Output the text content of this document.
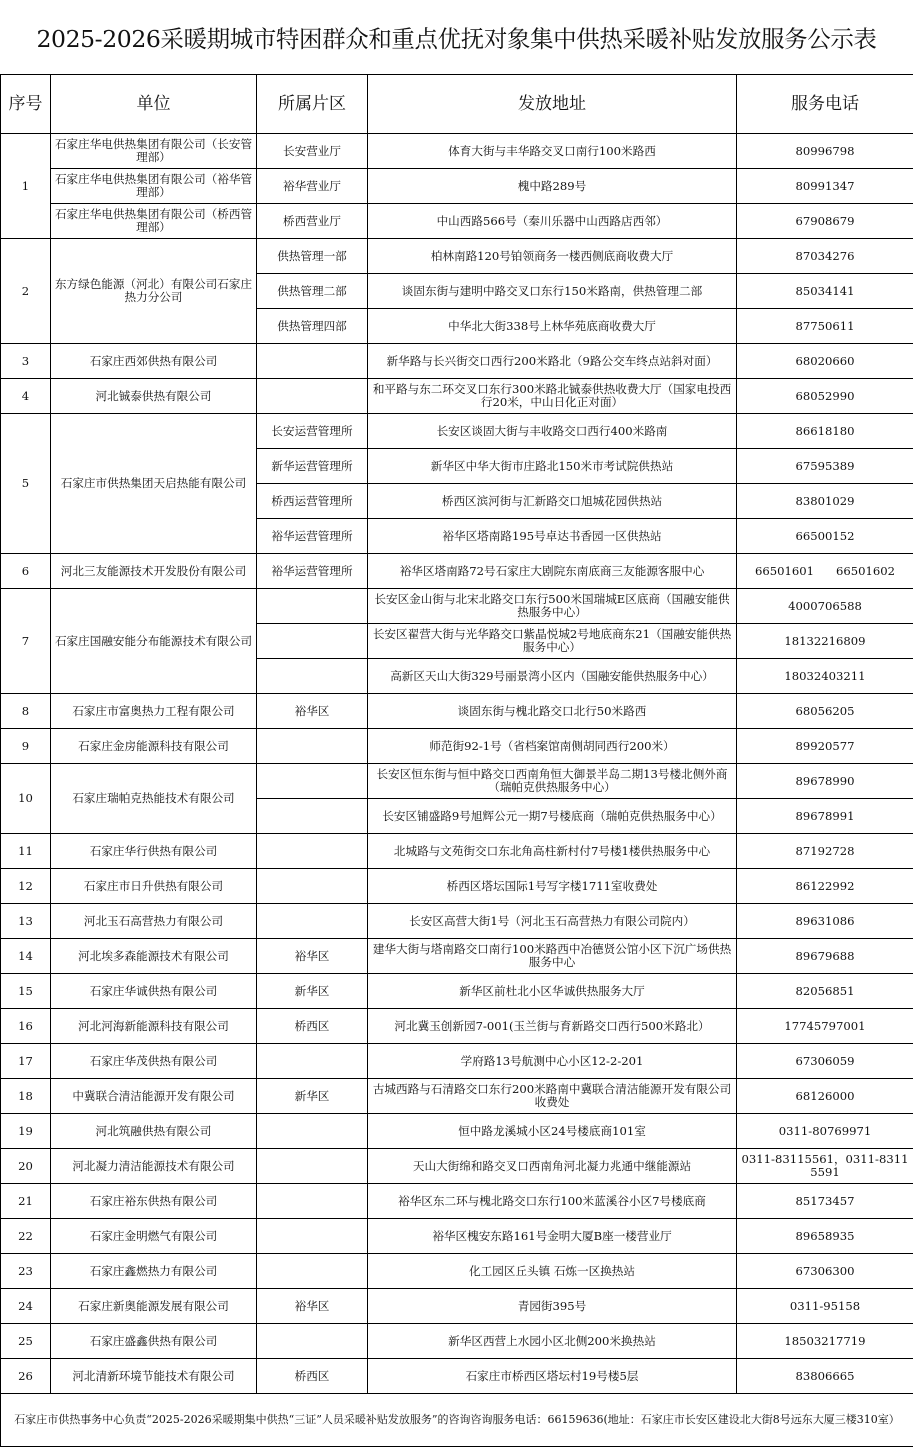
2025-2026采暖期城市特困群众和重点优抚对象集中供热采暖补贴发放服务公示表
序号	单位	所属片区	发放地址	服务电话
1	石家庄华电供热集团有限公司（长安管理部）	长安营业厅	体育大街与丰华路交叉口南行100米路西	80996798
	石家庄华电供热集团有限公司（裕华管理部）	裕华营业厅	槐中路289号	80991347
	石家庄华电供热集团有限公司（桥西管理部）	桥西营业厅	中山西路566号（秦川乐器中山西路店西邻）	67908679
2	东方绿色能源（河北）有限公司石家庄热力分公司	供热管理一部	柏林南路120号铂领商务一楼西侧底商收费大厅	87034276
		供热管理二部	谈固东街与建明中路交叉口东行150米路南，供热管理二部	85034141
		供热管理四部	中华北大街338号上林华苑底商收费大厅	87750611
3	石家庄西郊供热有限公司		新华路与长兴街交口西行200米路北（9路公交车终点站斜对面）	68020660
4	河北铖泰供热有限公司		和平路与东二环交叉口东行300米路北铖泰供热收费大厅（国家电投西行20米，中山日化正对面）	68052990
5	石家庄市供热集团天启热能有限公司	长安运营管理所	长安区谈固大街与丰收路交口西行400米路南	86618180
		新华运营管理所	新华区中华大街市庄路北150米市考试院供热站	67595389
		桥西运营管理所	桥西区滨河街与汇新路交口旭城花园供热站	83801029
		裕华运营管理所	裕华区塔南路195号卓达书香园一区供热站	66500152
6	河北三友能源技术开发股份有限公司	裕华运营管理所	裕华区塔南路72号石家庄大剧院东南底商三友能源客服中心	66501601 66501602
7	石家庄国融安能分布能源技术有限公司		长安区金山街与北宋北路交口东行500米国瑞城E区底商（国融安能供热服务中心）	4000706588
			长安区翟营大街与光华路交口紫晶悦城2号地底商东21（国融安能供热服务中心）	18132216809
			高新区天山大街329号丽景湾小区内（国融安能供热服务中心）	18032403211
8	石家庄市富奥热力工程有限公司	裕华区	谈固东街与槐北路交口北行50米路西	68056205
9	石家庄金房能源科技有限公司		师范街92-1号（省档案馆南侧胡同西行200米）	89920577
10	石家庄瑞帕克热能技术有限公司		长安区恒东街与恒中路交口西南角恒大御景半岛二期13号楼北侧外商（瑞帕克供热服务中心）	89678990
			长安区铺盛路9号旭辉公元一期7号楼底商（瑞帕克供热服务中心）	89678991
11	石家庄华行供热有限公司		北城路与文苑街交口东北角高柱新村付7号楼1楼供热服务中心	87192728
12	石家庄市日升供热有限公司		桥西区塔坛国际1号写字楼1711室收费处	86122992
13	河北玉石高营热力有限公司		长安区高营大街1号（河北玉石高营热力有限公司院内）	89631086
14	河北埃多森能源技术有限公司	裕华区	建华大街与塔南路交口南行100米路西中冶德贤公馆小区下沉广场供热服务中心	89679688
15	石家庄华诚供热有限公司	新华区	新华区前杜北小区华诚供热服务大厅	82056851
16	河北河海新能源科技有限公司	桥西区	河北冀玉创新园7-001(玉兰街与育新路交口西行500米路北）	17745797001
17	石家庄华茂供热有限公司		学府路13号航测中心小区12-2-201	67306059
18	中冀联合清洁能源开发有限公司	新华区	古城西路与石清路交口东行200米路南中冀联合清洁能源开发有限公司收费处	68126000
19	河北筑融供热有限公司		恒中路龙溪城小区24号楼底商101室	0311-80769971
20	河北凝力清洁能源技术有限公司		天山大街绵和路交叉口西南角河北凝力兆通中继能源站	0311-83115561，0311-83115591
21	石家庄裕东供热有限公司		裕华区东二环与槐北路交口东行100米蓝溪谷小区7号楼底商	85173457
22	石家庄金明燃气有限公司		裕华区槐安东路161号金明大厦B座一楼营业厅	89658935
23	石家庄鑫燃热力有限公司		化工园区丘头镇 石炼一区换热站	67306300
24	石家庄新奥能源发展有限公司	裕华区	青园街395号	0311-95158
25	石家庄盛鑫供热有限公司		新华区西营上水园小区北侧200米换热站	18503217719
26	河北清新环境节能技术有限公司	桥西区	石家庄市桥西区塔坛村19号楼5层	83806665
石家庄市供热事务中心负责“2025-2026采暖期集中供热“三证”人员采暖补贴发放服务”的咨询咨询服务电话：66159636(地址：石家庄市长安区建设北大街8号远东大厦三楼310室）				
